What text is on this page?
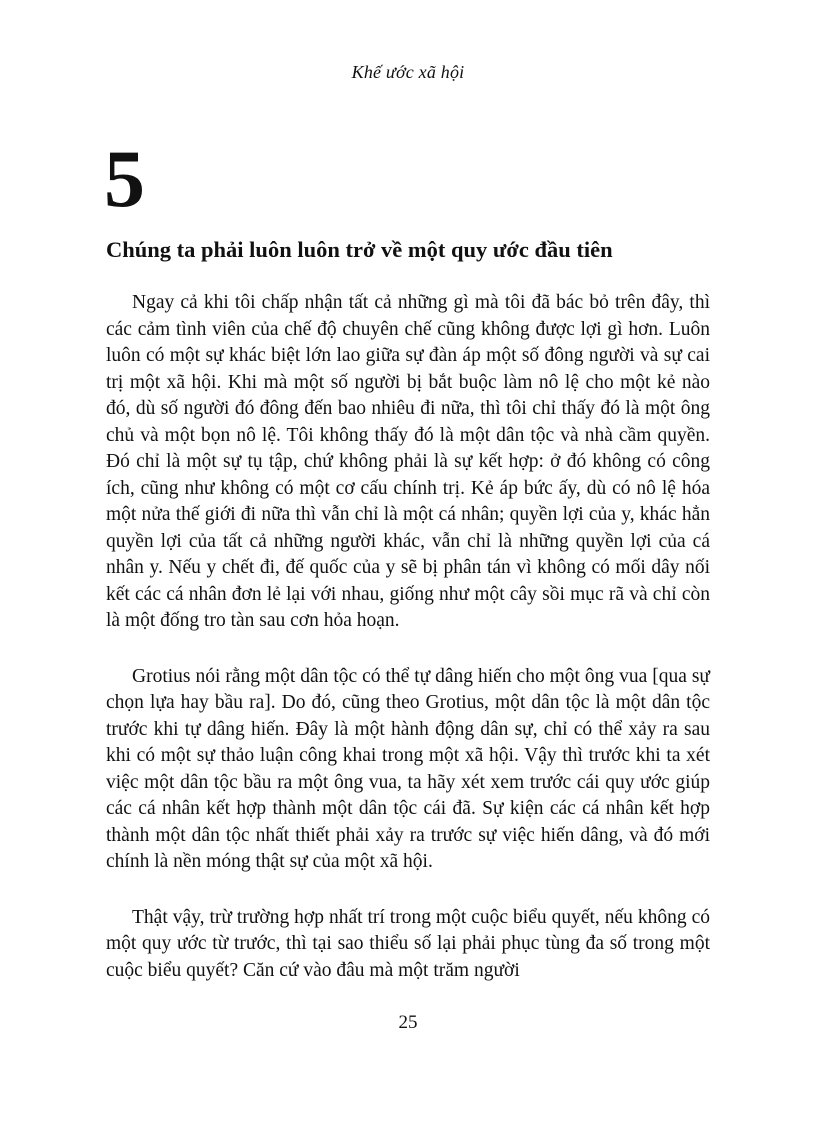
Khế ước xã hội
5
Chúng ta phải luôn luôn trở về một quy ước đầu tiên

Ngay cả khi tôi chấp nhận tất cả những gì mà tôi đã bác bỏ trên đây, thì các cảm tình viên của chế độ chuyên chế cũng không được lợi gì hơn. Luôn luôn có một sự khác biệt lớn lao giữa sự đàn áp một số đông người và sự cai trị một xã hội. Khi mà một số người bị bắt buộc làm nô lệ cho một kẻ nào đó, dù số người đó đông đến bao nhiêu đi nữa, thì tôi chỉ thấy đó là một ông chủ và một bọn nô lệ. Tôi không thấy đó là một dân tộc và nhà cầm quyền. Đó chỉ là một sự tụ tập, chứ không phải là sự kết hợp: ở đó không có công ích, cũng như không có một cơ cấu chính trị. Kẻ áp bức ấy, dù có nô lệ hóa một nửa thế giới đi nữa thì vẫn chỉ là một cá nhân; quyền lợi của y, khác hẳn quyền lợi của tất cả những người khác, vẫn chỉ là những quyền lợi của cá nhân y. Nếu y chết đi, đế quốc của y sẽ bị phân tán vì không có mối dây nối kết các cá nhân đơn lẻ lại với nhau, giống như một cây sồi mục rã và chỉ còn là một đống tro tàn sau cơn hỏa hoạn.

Grotius nói rằng một dân tộc có thể tự dâng hiến cho một ông vua [qua sự chọn lựa hay bầu ra]. Do đó, cũng theo Grotius, một dân tộc là một dân tộc trước khi tự dâng hiến. Đây là một hành động dân sự, chỉ có thể xảy ra sau khi có một sự thảo luận công khai trong một xã hội. Vậy thì trước khi ta xét việc một dân tộc bầu ra một ông vua, ta hãy xét xem trước cái quy ước giúp các cá nhân kết hợp thành một dân tộc cái đã. Sự kiện các cá nhân kết hợp thành một dân tộc nhất thiết phải xảy ra trước sự việc hiến dâng, và đó mới chính là nền móng thật sự của một xã hội.

Thật vậy, trừ trường hợp nhất trí trong một cuộc biểu quyết, nếu không có một quy ước từ trước, thì tại sao thiểu số lại phải phục tùng đa số trong một cuộc biểu quyết? Căn cứ vào đâu mà một trăm người

25
